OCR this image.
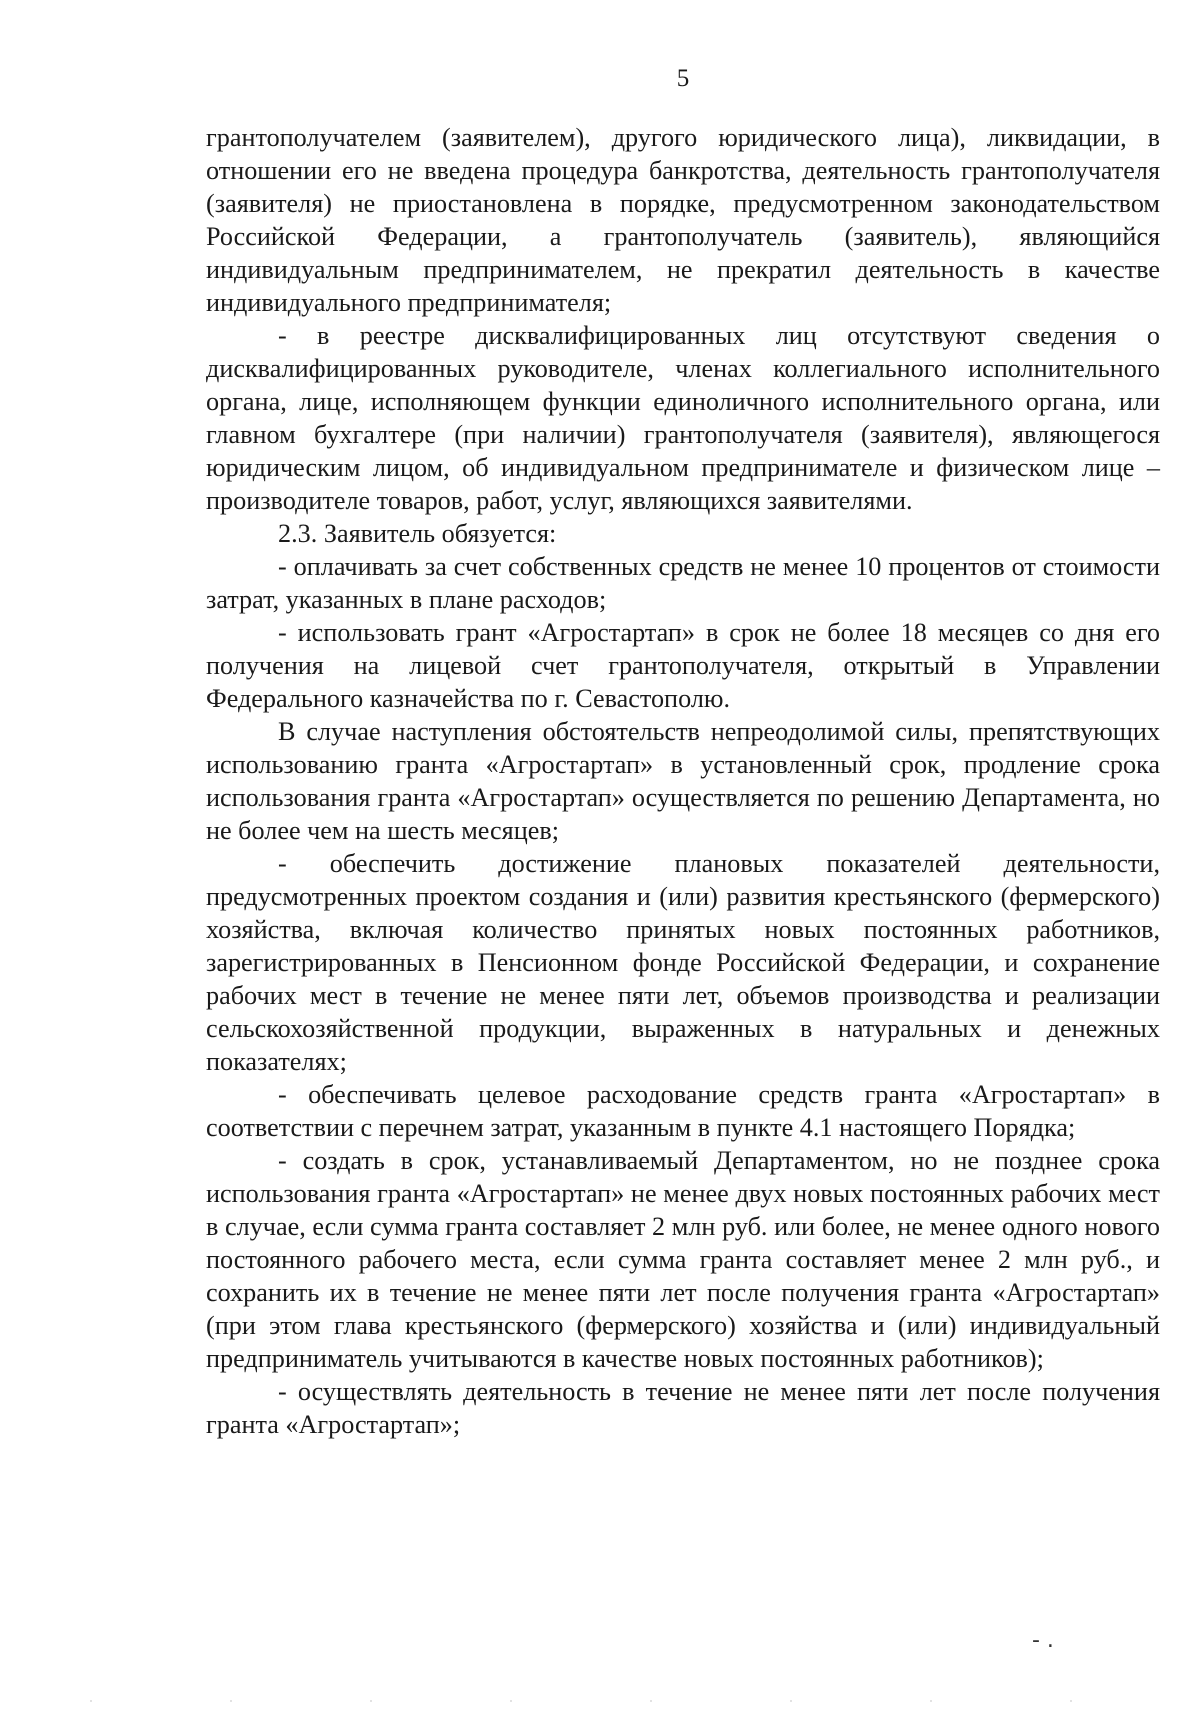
5

грантополучателем (заявителем), другого юридического лица), ликвидации, в отношении его не введена процедура банкротства, деятельность грантополучателя (заявителя) не приостановлена в порядке, предусмотренном законодательством Российской Федерации, а грантополучатель (заявитель), являющийся индивидуальным предпринимателем, не прекратил деятельность в качестве индивидуального предпринимателя;

- в реестре дисквалифицированных лиц отсутствуют сведения о дисквалифицированных руководителе, членах коллегиального исполнительного органа, лице, исполняющем функции единоличного исполнительного органа, или главном бухгалтере (при наличии) грантополучателя (заявителя), являющегося юридическим лицом, об индивидуальном предпринимателе и физическом лице – производителе товаров, работ, услуг, являющихся заявителями.

2.3. Заявитель обязуется:

- оплачивать за счет собственных средств не менее 10 процентов от стоимости затрат, указанных в плане расходов;

- использовать грант «Агростартап» в срок не более 18 месяцев со дня его получения на лицевой счет грантополучателя, открытый в Управлении Федерального казначейства по г. Севастополю.

В случае наступления обстоятельств непреодолимой силы, препятствующих использованию гранта «Агростартап» в установленный срок, продление срока использования гранта «Агростартап» осуществляется по решению Департамента, но не более чем на шесть месяцев;

- обеспечить достижение плановых показателей деятельности, предусмотренных проектом создания и (или) развития крестьянского (фермерского) хозяйства, включая количество принятых новых постоянных работников, зарегистрированных в Пенсионном фонде Российской Федерации, и сохранение рабочих мест в течение не менее пяти лет, объемов производства и реализации сельскохозяйственной продукции, выраженных в натуральных и денежных показателях;

- обеспечивать целевое расходование средств гранта «Агростартап» в соответствии с перечнем затрат, указанным в пункте 4.1 настоящего Порядка;

- создать в срок, устанавливаемый Департаментом, но не позднее срока использования гранта «Агростартап» не менее двух новых постоянных рабочих мест в случае, если сумма гранта составляет 2 млн руб. или более, не менее одного нового постоянного рабочего места, если сумма гранта составляет менее 2 млн руб., и сохранить их в течение не менее пяти лет после получения гранта «Агростартап» (при этом глава крестьянского (фермерского) хозяйства и (или) индивидуальный предприниматель учитываются в качестве новых постоянных работников);

- осуществлять деятельность в течение не менее пяти лет после получения гранта «Агростартап»;

- .
